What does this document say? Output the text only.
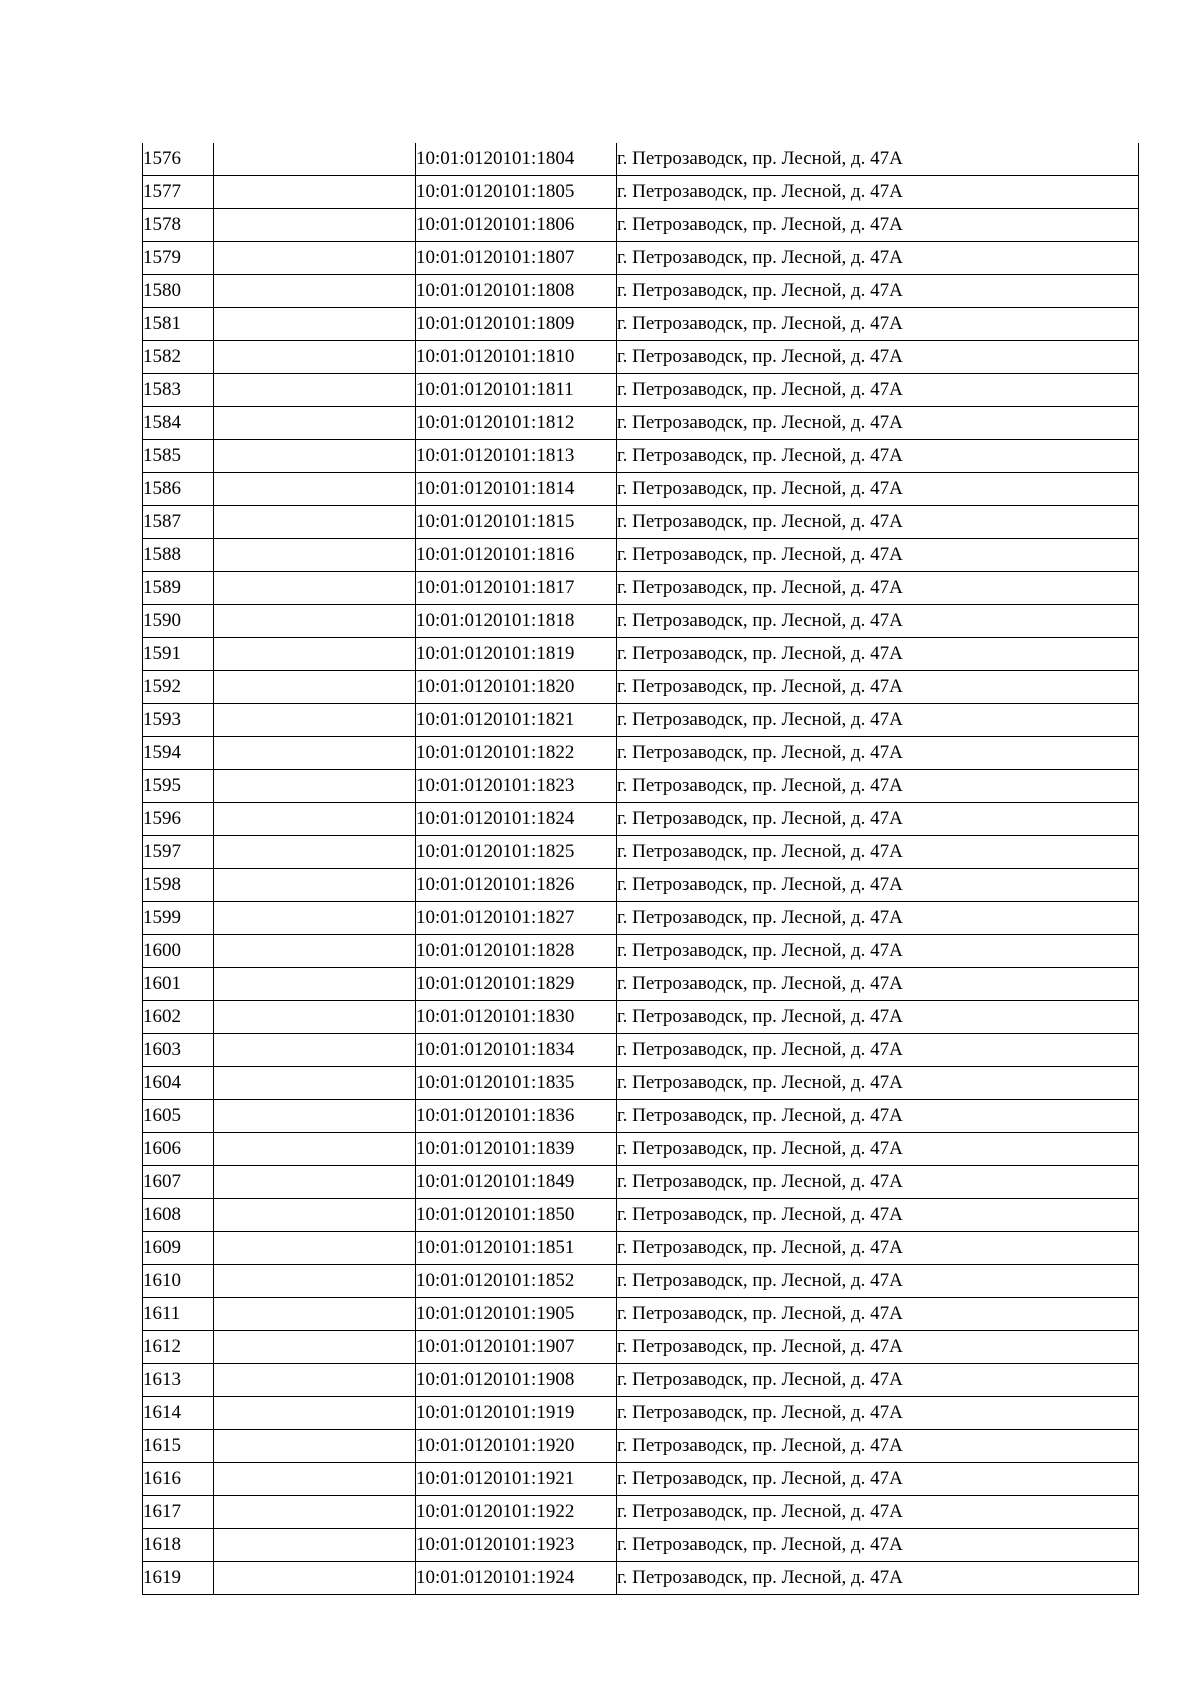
1576		10:01:0120101:1804	г. Петрозаводск, пр. Лесной, д. 47А
1577		10:01:0120101:1805	г. Петрозаводск, пр. Лесной, д. 47А
1578		10:01:0120101:1806	г. Петрозаводск, пр. Лесной, д. 47А
1579		10:01:0120101:1807	г. Петрозаводск, пр. Лесной, д. 47А
1580		10:01:0120101:1808	г. Петрозаводск, пр. Лесной, д. 47А
1581		10:01:0120101:1809	г. Петрозаводск, пр. Лесной, д. 47А
1582		10:01:0120101:1810	г. Петрозаводск, пр. Лесной, д. 47А
1583		10:01:0120101:1811	г. Петрозаводск, пр. Лесной, д. 47А
1584		10:01:0120101:1812	г. Петрозаводск, пр. Лесной, д. 47А
1585		10:01:0120101:1813	г. Петрозаводск, пр. Лесной, д. 47А
1586		10:01:0120101:1814	г. Петрозаводск, пр. Лесной, д. 47А
1587		10:01:0120101:1815	г. Петрозаводск, пр. Лесной, д. 47А
1588		10:01:0120101:1816	г. Петрозаводск, пр. Лесной, д. 47А
1589		10:01:0120101:1817	г. Петрозаводск, пр. Лесной, д. 47А
1590		10:01:0120101:1818	г. Петрозаводск, пр. Лесной, д. 47А
1591		10:01:0120101:1819	г. Петрозаводск, пр. Лесной, д. 47А
1592		10:01:0120101:1820	г. Петрозаводск, пр. Лесной, д. 47А
1593		10:01:0120101:1821	г. Петрозаводск, пр. Лесной, д. 47А
1594		10:01:0120101:1822	г. Петрозаводск, пр. Лесной, д. 47А
1595		10:01:0120101:1823	г. Петрозаводск, пр. Лесной, д. 47А
1596		10:01:0120101:1824	г. Петрозаводск, пр. Лесной, д. 47А
1597		10:01:0120101:1825	г. Петрозаводск, пр. Лесной, д. 47А
1598		10:01:0120101:1826	г. Петрозаводск, пр. Лесной, д. 47А
1599		10:01:0120101:1827	г. Петрозаводск, пр. Лесной, д. 47А
1600		10:01:0120101:1828	г. Петрозаводск, пр. Лесной, д. 47А
1601		10:01:0120101:1829	г. Петрозаводск, пр. Лесной, д. 47А
1602		10:01:0120101:1830	г. Петрозаводск, пр. Лесной, д. 47А
1603		10:01:0120101:1834	г. Петрозаводск, пр. Лесной, д. 47А
1604		10:01:0120101:1835	г. Петрозаводск, пр. Лесной, д. 47А
1605		10:01:0120101:1836	г. Петрозаводск, пр. Лесной, д. 47А
1606		10:01:0120101:1839	г. Петрозаводск, пр. Лесной, д. 47А
1607		10:01:0120101:1849	г. Петрозаводск, пр. Лесной, д. 47А
1608		10:01:0120101:1850	г. Петрозаводск, пр. Лесной, д. 47А
1609		10:01:0120101:1851	г. Петрозаводск, пр. Лесной, д. 47А
1610		10:01:0120101:1852	г. Петрозаводск, пр. Лесной, д. 47А
1611		10:01:0120101:1905	г. Петрозаводск, пр. Лесной, д. 47А
1612		10:01:0120101:1907	г. Петрозаводск, пр. Лесной, д. 47А
1613		10:01:0120101:1908	г. Петрозаводск, пр. Лесной, д. 47А
1614		10:01:0120101:1919	г. Петрозаводск, пр. Лесной, д. 47А
1615		10:01:0120101:1920	г. Петрозаводск, пр. Лесной, д. 47А
1616		10:01:0120101:1921	г. Петрозаводск, пр. Лесной, д. 47А
1617		10:01:0120101:1922	г. Петрозаводск, пр. Лесной, д. 47А
1618		10:01:0120101:1923	г. Петрозаводск, пр. Лесной, д. 47А
1619		10:01:0120101:1924	г. Петрозаводск, пр. Лесной, д. 47А
